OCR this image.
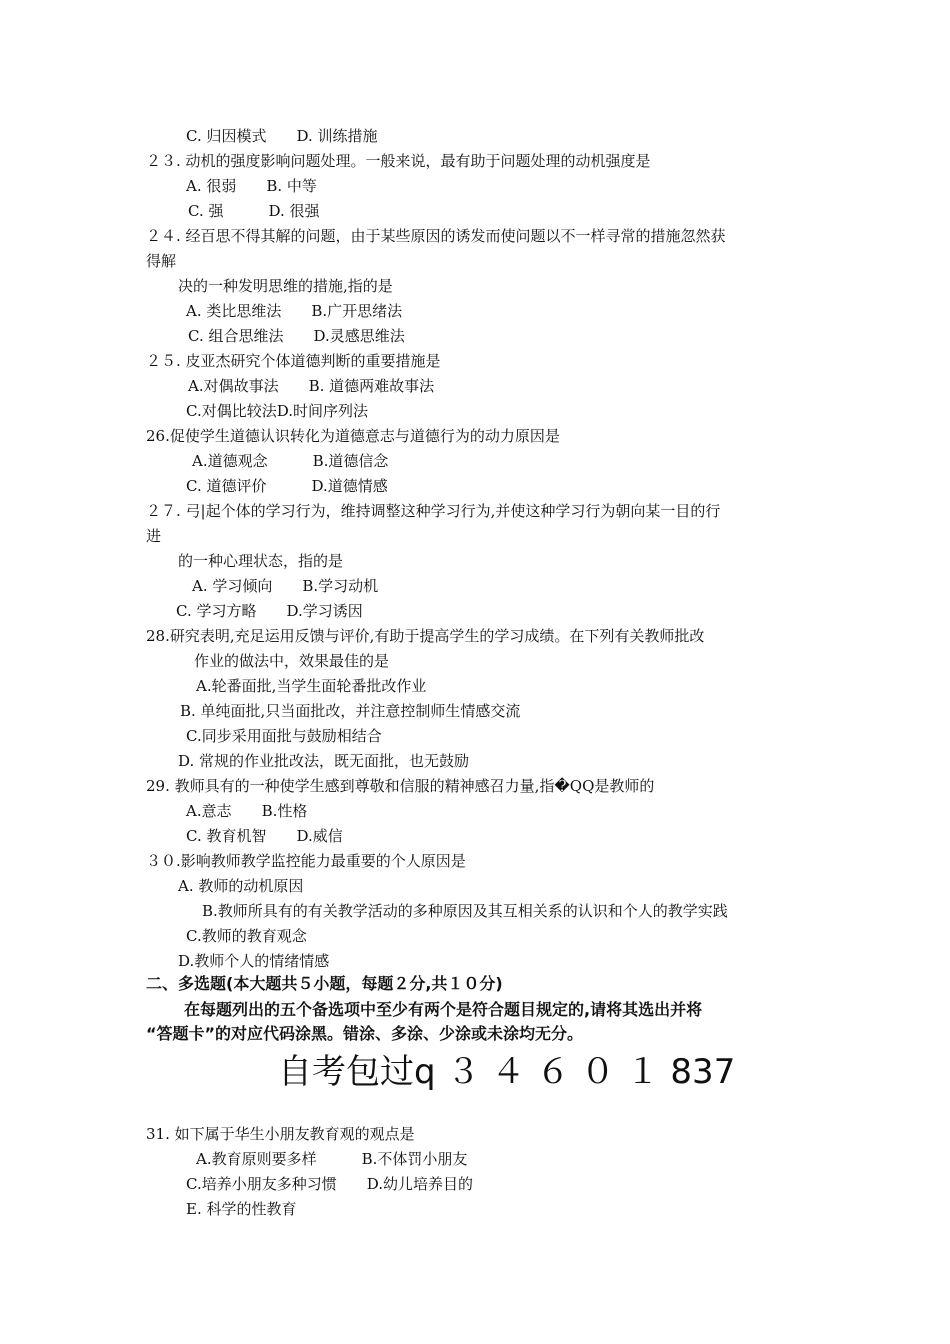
C. 归因模式　　D. 训练措施
２３. 动机的强度影响问题处理。一般来说，最有助于问题处理的动机强度是
A. 很弱　　B. 中等
C. 强　　　D. 很强
２４. 经百思不得其解的问题，由于某些原因的诱发而使问题以不一样寻常的措施忽然获
得解
决的一种发明思维的措施,指的是
A. 类比思维法　　B.广开思绪法
C. 组合思维法　　D.灵感思维法
２５. 皮亚杰研究个体道德判断的重要措施是
A.对偶故事法　　B. 道德两难故事法
C.对偶比较法D.时间序列法
26.促使学生道德认识转化为道德意志与道德行为的动力原因是
A.道德观念　　　B.道德信念
C. 道德评价　　　D.道德情感
２７. 弓|起个体的学习行为，维持调整这种学习行为,并使这种学习行为朝向某一目的行
进
的一种心理状态，指的是
A. 学习倾向　　B.学习动机
C. 学习方略　　D.学习诱因
28.研究表明,充足运用反馈与评价,有助于提高学生的学习成绩。在下列有关教师批改
作业的做法中，效果最佳的是
A.轮番面批,当学生面轮番批改作业
B. 单纯面批,只当面批改，并注意控制师生情感交流
C.同步采用面批与鼓励相结合
D. 常规的作业批改法，既无面批，也无鼓励
29. 教师具有的一种使学生感到尊敬和信服的精神感召力量,指�QQ是教师的
A.意志　　B.性格
C. 教育机智　　D.威信
３０.影响教师教学监控能力最重要的个人原因是
A. 教师的动机原因
B.教师所具有的有关教学活动的多种原因及其互相关系的认识和个人的教学实践
C.教师的教育观念
D.教师个人的情绪情感
二、多选题(本大题共５小题，每题２分,共１０分)
在每题列出的五个备选项中至少有两个是符合题目规定的,请将其选出并将
“答题卡”的对应代码涂黑。错涂、多涂、少涂或未涂均无分。
自考包过q ３ ４ ６ ０ １ 837
31. 如下属于华生小朋友教育观的观点是
A.教育原则要多样　　　B.不体罚小朋友
C.培养小朋友多种习惯　　D.幼儿培养目的
E. 科学的性教育
